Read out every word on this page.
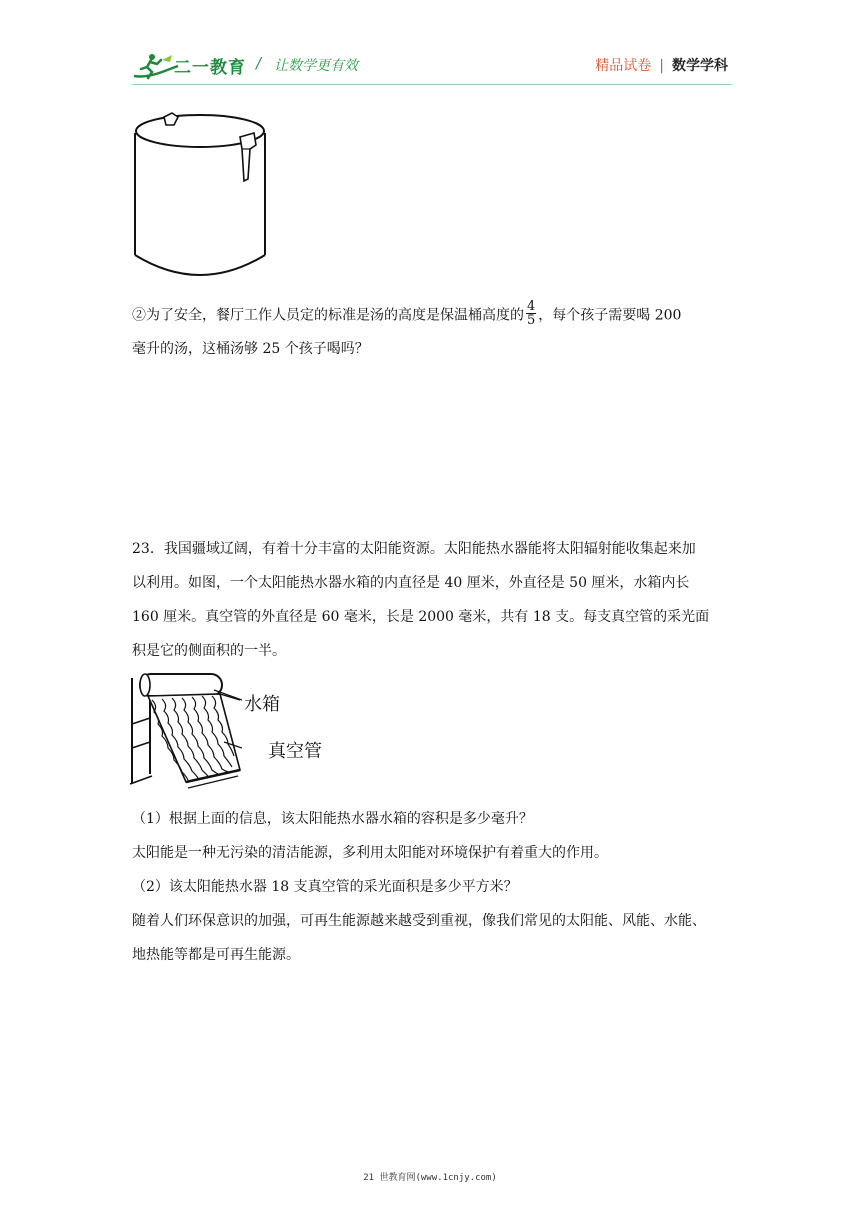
二一教育 / 让数学更有效	精品试卷 | 数学学科
②为了安全，餐厅工作人员定的标准是汤的高度是保温桶高度的 $\frac{4}{5}$ ，每个孩子需要喝 200
毫升的汤，这桶汤够 25 个孩子喝吗？
23．我国疆域辽阔，有着十分丰富的太阳能资源。太阳能热水器能将太阳辐射能收集起来加
以利用。如图，一个太阳能热水器水箱的内直径是 40 厘米，外直径是 50 厘米，水箱内长
160 厘米。真空管的外直径是 60 毫米，长是 2000 毫米，共有 18 支。每支真空管的采光面
积是它的侧面积的一半。
水箱
真空管
（1）根据上面的信息，该太阳能热水器水箱的容积是多少毫升？
太阳能是一种无污染的清洁能源，多利用太阳能对环境保护有着重大的作用。
（2）该太阳能热水器 18 支真空管的采光面积是多少平方米？
随着人们环保意识的加强，可再生能源越来越受到重视，像我们常见的太阳能、风能、水能、
地热能等都是可再生能源。
21 世教育网(www.1cnjy.com)
